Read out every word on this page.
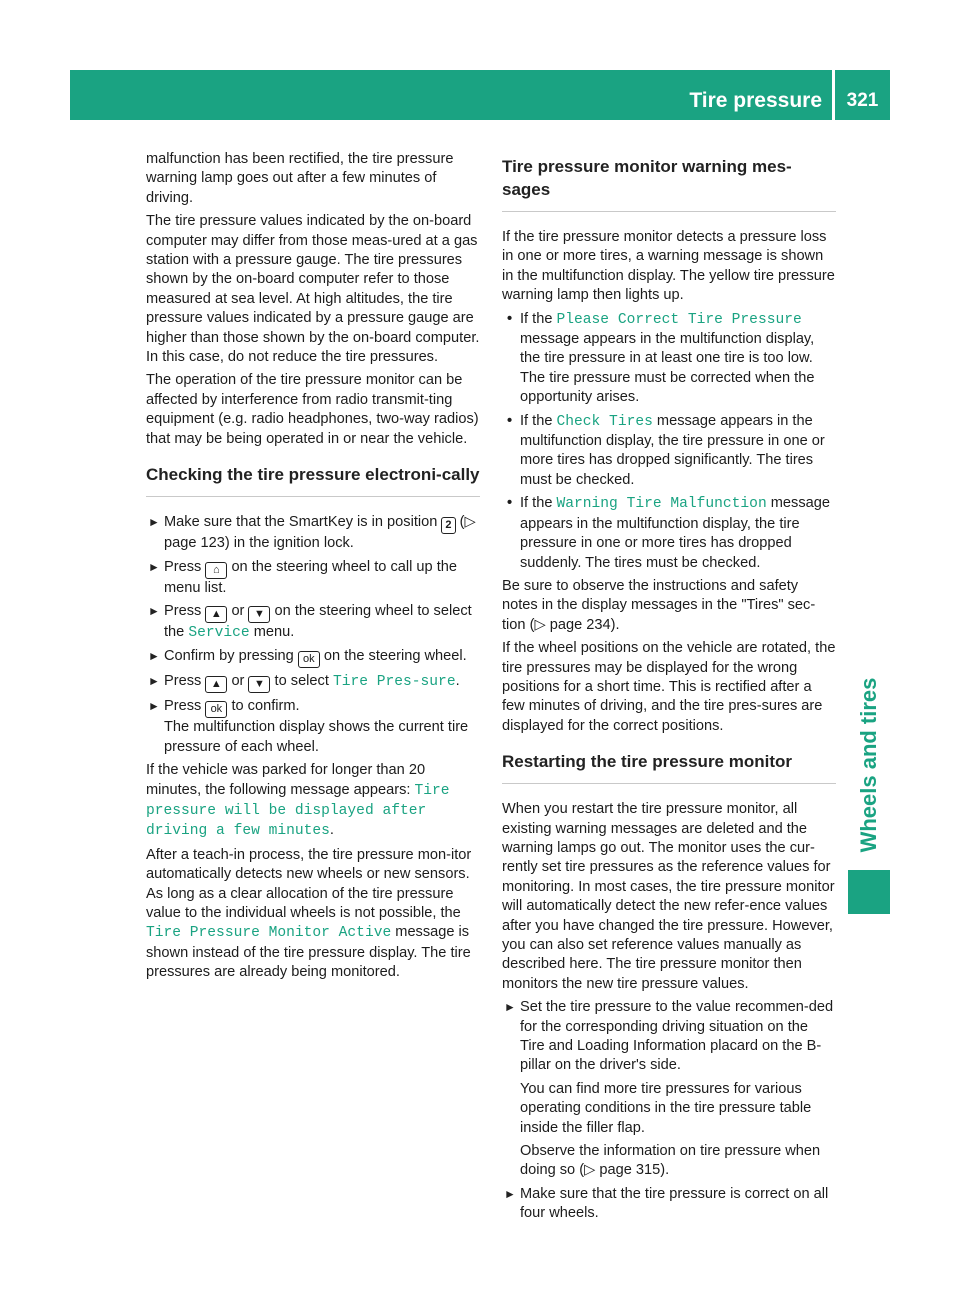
Tire pressure	321
Wheels and tires

malfunction has been rectified, the tire pressure warning lamp goes out after a few minutes of driving.

The tire pressure values indicated by the on-board computer may differ from those meas-ured at a gas station with a pressure gauge. The tire pressures shown by the on-board computer refer to those measured at sea level. At high altitudes, the tire pressure values indicated by a pressure gauge are higher than those shown by the on-board computer. In this case, do not reduce the tire pressures.

The operation of the tire pressure monitor can be affected by interference from radio transmit-ting equipment (e.g. radio headphones, two-way radios) that may be being operated in or near the vehicle.

Checking the tire pressure electroni-cally
► Make sure that the SmartKey is in position 2 (▷ page 123) in the ignition lock.
► Press ⌂ on the steering wheel to call up the menu list.
► Press ▲ or ▼ on the steering wheel to select the Service menu.
► Confirm by pressing ok on the steering wheel.
► Press ▲ or ▼ to select Tire Pres-sure.
► Press ok to confirm.
The multifunction display shows the current tire pressure of each wheel.

If the vehicle was parked for longer than 20 minutes, the following message appears: Tire pressure will be displayed after driving a few minutes.

After a teach-in process, the tire pressure mon-itor automatically detects new wheels or new sensors. As long as a clear allocation of the tire pressure value to the individual wheels is not possible, the Tire Pressure Monitor Active message is shown instead of the tire pressure display. The tire pressures are already being monitored.

Tire pressure monitor warning mes-sages

If the tire pressure monitor detects a pressure loss in one or more tires, a warning message is shown in the multifunction display. The yellow tire pressure warning lamp then lights up.

• If the Please Correct Tire Pressure message appears in the multifunction display, the tire pressure in at least one tire is too low. The tire pressure must be corrected when the opportunity arises.
• If the Check Tires message appears in the multifunction display, the tire pressure in one or more tires has dropped significantly. The tires must be checked.
• If the Warning Tire Malfunction message appears in the multifunction display, the tire pressure in one or more tires has dropped suddenly. The tires must be checked.

Be sure to observe the instructions and safety notes in the display messages in the "Tires" sec-tion (▷ page 234).

If the wheel positions on the vehicle are rotated, the tire pressures may be displayed for the wrong positions for a short time. This is rectified after a few minutes of driving, and the tire pres-sures are displayed for the correct positions.

Restarting the tire pressure monitor

When you restart the tire pressure monitor, all existing warning messages are deleted and the warning lamps go out. The monitor uses the cur-rently set tire pressures as the reference values for monitoring. In most cases, the tire pressure monitor will automatically detect the new refer-ence values after you have changed the tire pressure. However, you can also set reference values manually as described here. The tire pressure monitor then monitors the new tire pressure values.

► Set the tire pressure to the value recommen-ded for the corresponding driving situation on the Tire and Loading Information placard on the B-pillar on the driver's side.
You can find more tire pressures for various operating conditions in the tire pressure table inside the filler flap.
Observe the information on tire pressure when doing so (▷ page 315).
► Make sure that the tire pressure is correct on all four wheels.
